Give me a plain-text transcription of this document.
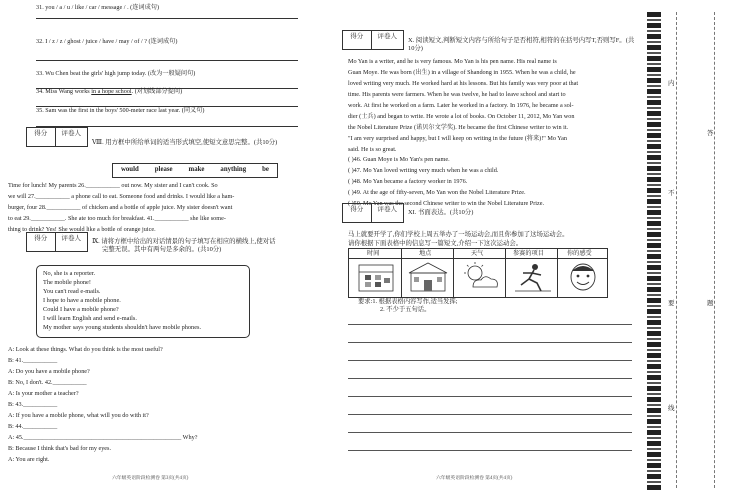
31. you / a / u / like / car / message / . (连词成句)
32. I / z / z / ghost / juice / have / may / of / ? (连词成句)
33. Wu Chen beat the girls' high jump today. (改为一般疑问句)
34. Miss Wang works in a hope school. (对划线部分提问)
35. Sam was the first in the boys' 500-meter race last year. (同义句)
得分	评卷人
Ⅷ. 用方框中所给单词的适当形式填空,使短文意思完整。(共10分)
would please make anything be
Time for lunch! My parents 26.___________ out now. My sister and I can't cook. So
we will 27.___________ a phone call to eat. Someone food and drinks. I would like a ham-
burger, four 28.___________ of chicken and a bottle of apple juice. My sister doesn't want
to eat 29.___________. She ate too much for breakfast. 41.___________ she like some-
thing to drink? Yes! She would like a bottle of orange juice.
得分	评卷人	Ⅸ. 请将方框中给出的对话情景的句子填写在相应的横线上,使对话
完整无误。其中有两句是多余的。(共10分)
No, she is a reporter.
The mobile phone!
You can't read e-mails.
I hope to have a mobile phone.
Could I have a mobile phone?
I will learn English and send e-mails.
My mother says young students shouldn't have mobile phones.
A: Look at these things. What do you think is the most useful?
B: 41.___________
A: Do you have a mobile phone?
B: No, I don't. 42.___________
A: Is your mother a teacher?
B: 43.___________
A: If you have a mobile phone, what will you do with it?
B: 44.___________
A: 45.___________________________________________________ Why?
B: Because I think that's bad for my eyes.
A: You are right.
六年级英语阶段检测卷 第3页(共4页)
得分	评卷人
X. 阅读短文,判断短文内容与所给句子是否相符,相符的在括号内写T,否则写F。(共10分)
Mo Yan is a writer, and he is very famous. Mo Yan is his pen name. His real name is
Guan Moye. He was born (出生) in a village of Shandong in 1955. When he was a child, he
loved writing very much. He worked hard at his lessons. But his family was very poor at that
time. His parents were farmers. When he was twelve, he had to leave school and start to
work. At first he worked on a farm. Later he worked in a factory. In 1976, he became a sol-
dier (士兵) and began to write. He wrote a lot of books. On October 11, 2012, Mo Yan won
the Nobel Literature Prize (诺贝尔文学奖). He became the first Chinese writer to win it.
"I am very surprised and happy, but I will keep on writing in the future (将来)!" Mo Yan
said. He is so great.
( )46. Guan Moye is Mo Yan's pen name.
( )47. Mo Yan loved writing very much when he was a child.
( )48. Mo Yan became a factory worker in 1976.
( )49. At the age of fifty-seven, Mo Yan won the Nobel Literature Prize.
( )50. Mo Yan was the second Chinese writer to win the Nobel Literature Prize.
得分	评卷人	XI. 书面表达。(共10分)
马上就要开学了,你们学校上周五举办了一场运动会,而且你参加了这场运动会。
请你根据下面表格中的信息写一篇短文,介绍一下这次运动会。
时间	地点	天气	参赛的项目	你的感受
要求:1. 根据表格内容写作,适当发挥;
2. 不少于五句话。
六年级英语阶段检测卷 第4页(共4页)
内
不
要
答
题
线
